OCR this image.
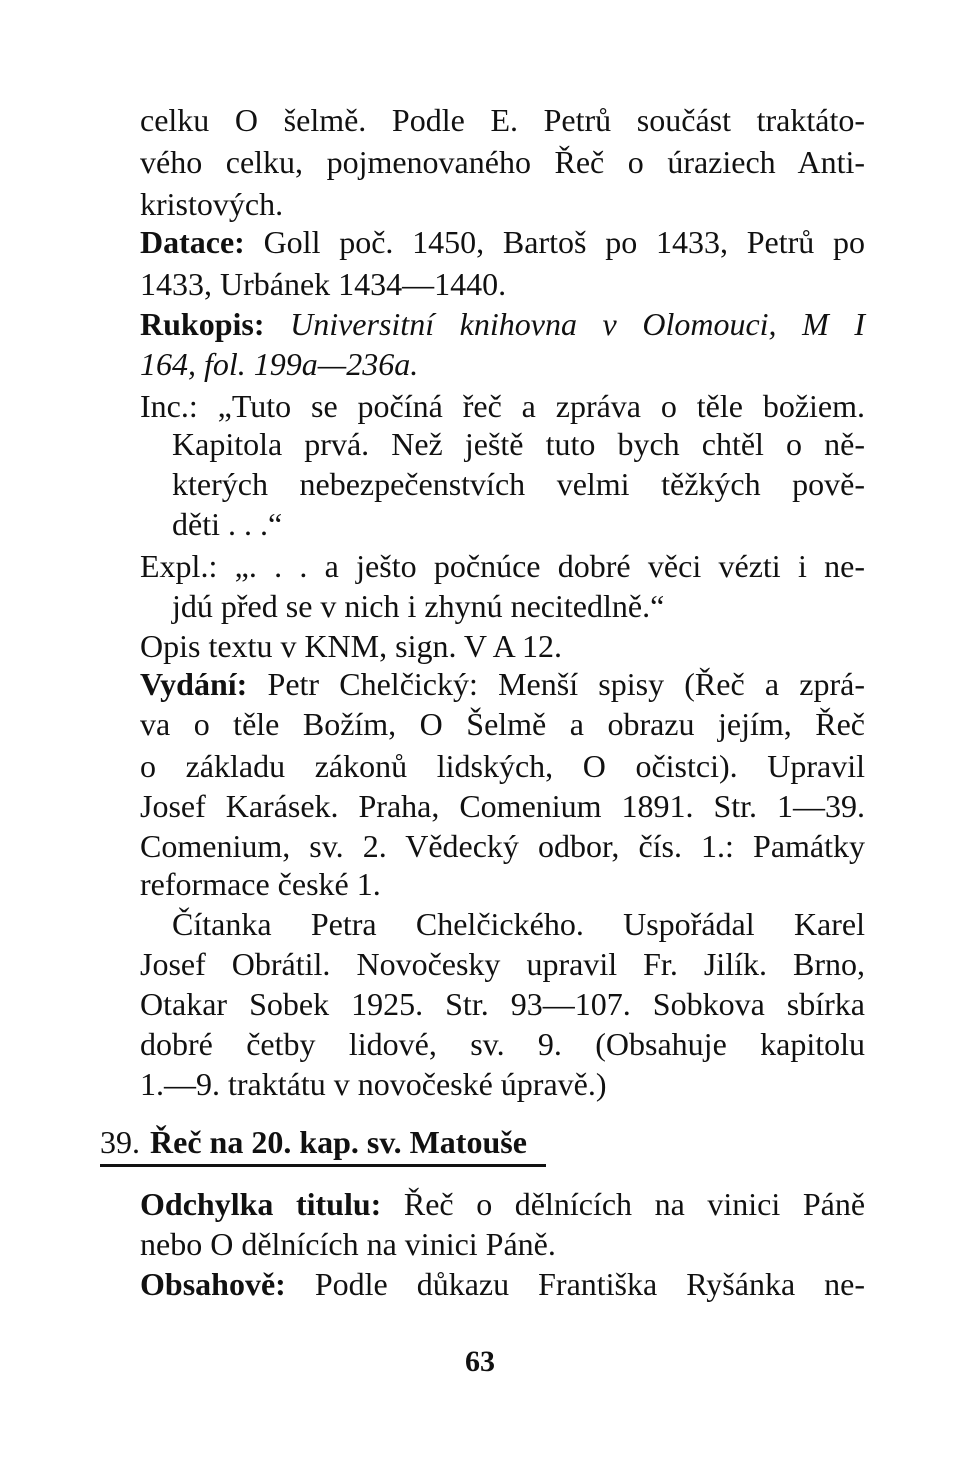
celku O šelmě. Podle E. Petrů součást traktáto-
vého celku, pojmenovaného Řeč o úraziech Anti-
kristových.
Datace: Goll poč. 1450, Bartoš po 1433, Petrů po
1433, Urbánek 1434—1440.
Rukopis: Universitní knihovna v Olomouci, M I
164, fol. 199a—236a.
Inc.: „Tuto se počíná řeč a zpráva o těle božiem.
Kapitola prvá. Než ještě tuto bych chtěl o ně-
kterých nebezpečenstvích velmi těžkých pově-
děti . . .“
Expl.: „. . . a ješto počnúce dobré věci vézti i ne-
jdú před se v nich i zhynú necitedlně.“
Opis textu v KNM, sign. V A 12.
Vydání: Petr Chelčický: Menší spisy (Řeč a zprá-
va o těle Božím, O Šelmě a obrazu jejím, Řeč
o základu zákonů lidských, O očistci). Upravil
Josef Karásek. Praha, Comenium 1891. Str. 1—39.
Comenium, sv. 2. Vědecký odbor, čís. 1.: Památky
reformace české 1.
Čítanka Petra Chelčického. Uspořádal Karel
Josef Obrátil. Novočesky upravil Fr. Jilík. Brno,
Otakar Sobek 1925. Str. 93—107. Sobkova sbírka
dobré četby lidové, sv. 9. (Obsahuje kapitolu
1.—9. traktátu v novočeské úpravě.)
39. Řeč na 20. kap. sv. Matouše
Odchylka titulu: Řeč o dělnících na vinici Páně
nebo O dělnících na vinici Páně.
Obsahově: Podle důkazu Františka Ryšánka ne-
63
